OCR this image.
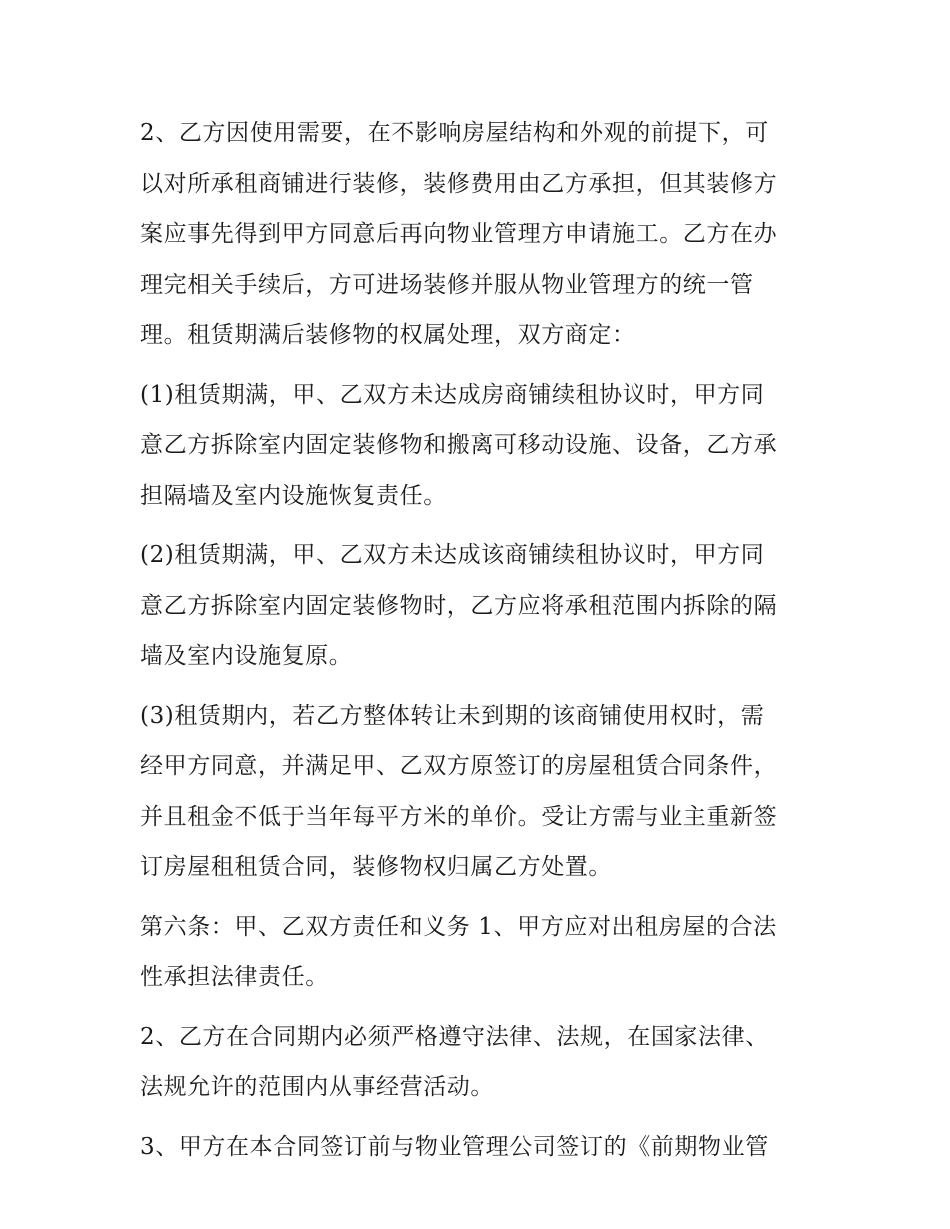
2、乙方因使用需要，在不影响房屋结构和外观的前提下，可
以对所承租商铺进行装修，装修费用由乙方承担，但其装修方
案应事先得到甲方同意后再向物业管理方申请施工。乙方在办
理完相关手续后，方可进场装修并服从物业管理方的统一管
理。租赁期满后装修物的权属处理，双方商定：

(1)租赁期满，甲、乙双方未达成房商铺续租协议时，甲方同
意乙方拆除室内固定装修物和搬离可移动设施、设备，乙方承
担隔墙及室内设施恢复责任。

(2)租赁期满，甲、乙双方未达成该商铺续租协议时，甲方同
意乙方拆除室内固定装修物时，乙方应将承租范围内拆除的隔
墙及室内设施复原。

(3)租赁期内，若乙方整体转让未到期的该商铺使用权时，需
经甲方同意，并满足甲、乙双方原签订的房屋租赁合同条件，
并且租金不低于当年每平方米的单价。受让方需与业主重新签
订房屋租租赁合同，装修物权归属乙方处置。

第六条：甲、乙双方责任和义务 1、甲方应对出租房屋的合法
性承担法律责任。

2、乙方在合同期内必须严格遵守法律、法规，在国家法律、
法规允许的范围内从事经营活动。

3、甲方在本合同签订前与物业管理公司签订的《前期物业管
